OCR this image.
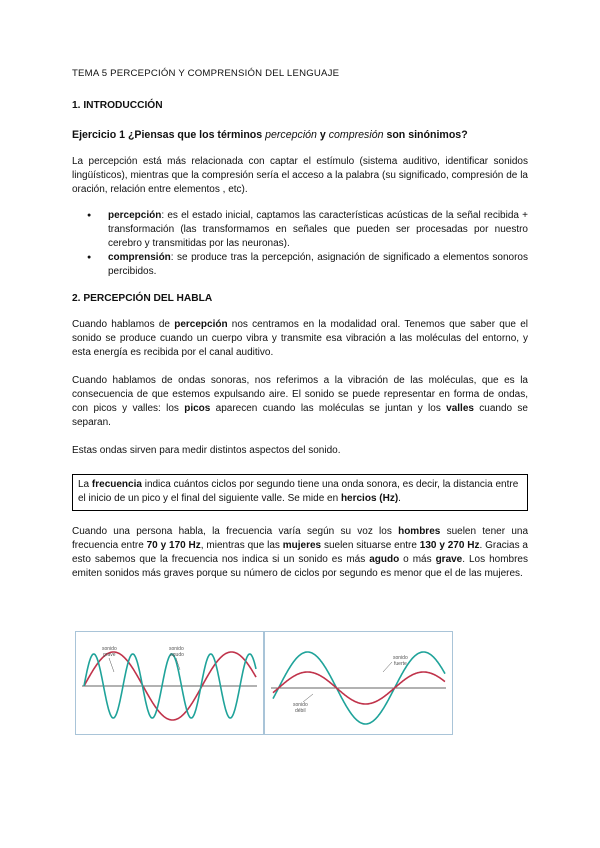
TEMA 5 PERCEPCIÓN Y COMPRENSIÓN DEL LENGUAJE
1. INTRODUCCIÓN
Ejercicio 1 ¿Piensas que los términos percepción y compresión son sinónimos?

La percepción está más relacionada con captar el estímulo (sistema auditivo, identificar sonidos lingüísticos), mientras que la compresión sería el acceso a la palabra (su significado, compresión de la oración, relación entre elementos , etc).

● percepción: es el estado inicial, captamos las características acústicas de la señal recibida + transformación (las transformamos en señales que pueden ser procesadas por nuestro cerebro y transmitidas por las neuronas).
● comprensión: se produce tras la percepción, asignación de significado a elementos sonoros percibidos.
2. PERCEPCIÓN DEL HABLA

Cuando hablamos de percepción nos centramos en la modalidad oral. Tenemos que saber que el sonido se produce cuando un cuerpo vibra y transmite esa vibración a las moléculas del entorno, y esta energía es recibida por el canal auditivo.

Cuando hablamos de ondas sonoras, nos referimos a la vibración de las moléculas, que es la consecuencia de que estemos expulsando aire. El sonido se puede representar en forma de ondas, con picos y valles: los picos aparecen cuando las moléculas se juntan y los valles cuando se separan.

Estas ondas sirven para medir distintos aspectos del sonido.

La frecuencia indica cuántos ciclos por segundo tiene una onda sonora, es decir, la distancia entre el inicio de un pico y el final del siguiente valle. Se mide en hercios (Hz).

Cuando una persona habla, la frecuencia varía según su voz los hombres suelen tener una frecuencia entre 70 y 170 Hz, mientras que las mujeres suelen situarse entre 130 y 270 Hz. Gracias a esto sabemos que la frecuencia nos indica si un sonido es más agudo o más grave. Los hombres emiten sonidos más graves porque su número de ciclos por segundo es menor que el de las mujeres.

sonido
grave
sonido
agudo	sonido
fuerte
sonido
débil
